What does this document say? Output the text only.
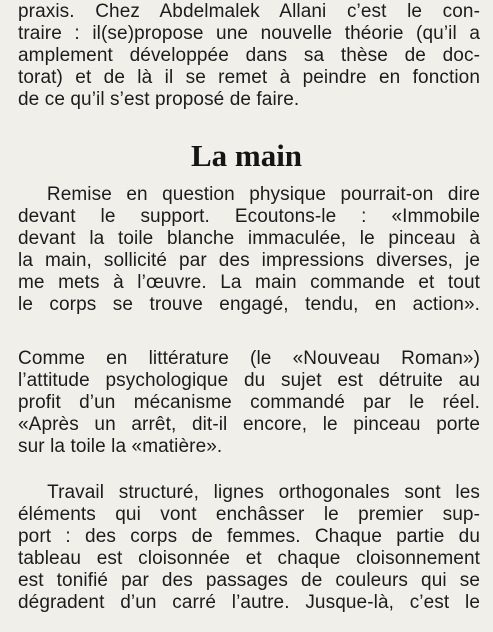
praxis. Chez Abdelmalek Allani c’est le con-
traire : il(se)propose une nouvelle théorie (qu’il a
amplement développée dans sa thèse de doc-
torat) et de là il se remet à peindre en fonction
de ce qu’il s’est proposé de faire.
La main
Remise en question physique pourrait-on dire
devant le support. Ecoutons-le : «Immobile
devant la toile blanche immaculée, le pinceau à
la main, sollicité par des impressions diverses, je
me mets à l’œuvre. La main commande et tout
le corps se trouve engagé, tendu, en action».
Comme en littérature (le «Nouveau Roman»)
l’attitude psychologique du sujet est détruite au
profit d’un mécanisme commandé par le réel.
«Après un arrêt, dit-il encore, le pinceau porte
sur la toile la «matière».
Travail structuré, lignes orthogonales sont les
éléments qui vont enchâsser le premier sup-
port : des corps de femmes. Chaque partie du
tableau est cloisonnée et chaque cloisonnement
est tonifié par des passages de couleurs qui se
dégradent d’un carré l’autre. Jusque-là, c’est le
